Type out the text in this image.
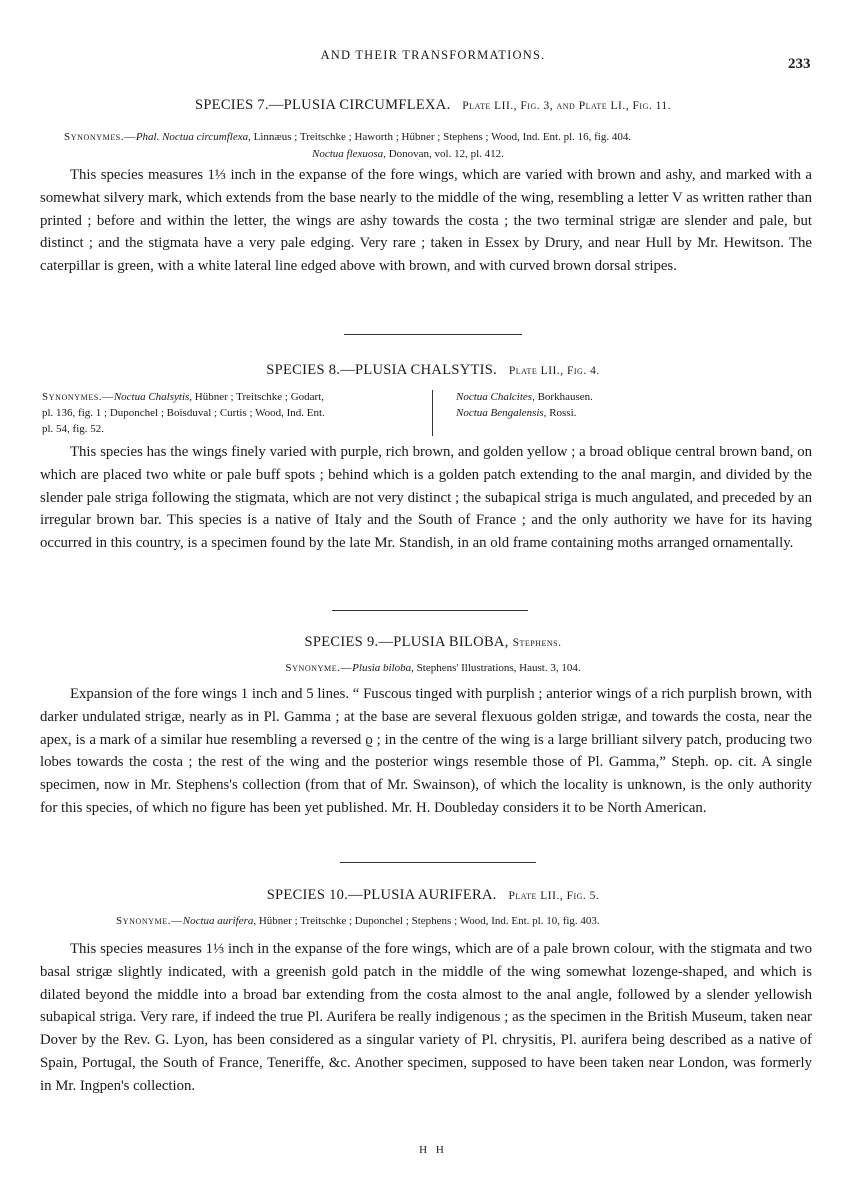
AND THEIR TRANSFORMATIONS.
233
SPECIES 7.—PLUSIA CIRCUMFLEXA. Plate LII., Fig. 3, and Plate LI., Fig. 11.
Synonymes.—Phal. Noctua circumflexa, Linnæus ; Treitschke ; Haworth ; Hübner ; Stephens ; Wood, Ind. Ent. pl. 16, fig. 404.
Noctua flexuosa, Donovan, vol. 12, pl. 412.

This species measures 1⅓ inch in the expanse of the fore wings, which are varied with brown and ashy, and marked with a somewhat silvery mark, which extends from the base nearly to the middle of the wing, resembling a letter V as written rather than printed ; before and within the letter, the wings are ashy towards the costa ; the two terminal strigæ are slender and pale, but distinct ; and the stigmata have a very pale edging. Very rare ; taken in Essex by Drury, and near Hull by Mr. Hewitson. The caterpillar is green, with a white lateral line edged above with brown, and with curved brown dorsal stripes.

SPECIES 8.—PLUSIA CHALSYTIS. Plate LII., Fig. 4.
Synonymes.—Noctua Chalsytis, Hübner ; Treitschke ; Godart,
pl. 136, fig. 1 ; Duponchel ; Boisduval ; Curtis ; Wood, Ind. Ent.
pl. 54, fig. 52.
Noctua Chalcites, Borkhausen.
Noctua Bengalensis, Rossi.

This species has the wings finely varied with purple, rich brown, and golden yellow ; a broad oblique central brown band, on which are placed two white or pale buff spots ; behind which is a golden patch extending to the anal margin, and divided by the slender pale striga following the stigmata, which are not very distinct ; the subapical striga is much angulated, and preceded by an irregular brown bar. This species is a native of Italy and the South of France ; and the only authority we have for its having occurred in this country, is a specimen found by the late Mr. Standish, in an old frame containing moths arranged ornamentally.

SPECIES 9.—PLUSIA BILOBA, Stephens.
Synonyme.—Plusia biloba, Stephens' Illustrations, Haust. 3, 104.

Expansion of the fore wings 1 inch and 5 lines. “ Fuscous tinged with purplish ; anterior wings of a rich purplish brown, with darker undulated strigæ, nearly as in Pl. Gamma ; at the base are several flexuous golden strigæ, and towards the costa, near the apex, is a mark of a similar hue resembling a reversed ϱ ; in the centre of the wing is a large brilliant silvery patch, producing two lobes towards the costa ; the rest of the wing and the posterior wings resemble those of Pl. Gamma,” Steph. op. cit. A single specimen, now in Mr. Stephens's collection (from that of Mr. Swainson), of which the locality is unknown, is the only authority for this species, of which no figure has been yet published. Mr. H. Doubleday considers it to be North American.

SPECIES 10.—PLUSIA AURIFERA. Plate LII., Fig. 5.
Synonyme.—Noctua aurifera, Hübner ; Treitschke ; Duponchel ; Stephens ; Wood, Ind. Ent. pl. 10, fig. 403.

This species measures 1⅓ inch in the expanse of the fore wings, which are of a pale brown colour, with the stigmata and two basal strigæ slightly indicated, with a greenish gold patch in the middle of the wing somewhat lozenge-shaped, and which is dilated beyond the middle into a broad bar extending from the costa almost to the anal angle, followed by a slender yellowish subapical striga. Very rare, if indeed the true Pl. Aurifera be really indigenous ; as the specimen in the British Museum, taken near Dover by the Rev. G. Lyon, has been considered as a singular variety of Pl. chrysitis, Pl. aurifera being described as a native of Spain, Portugal, the South of France, Teneriffe, &c. Another specimen, supposed to have been taken near London, was formerly in Mr. Ingpen's collection.

H H
